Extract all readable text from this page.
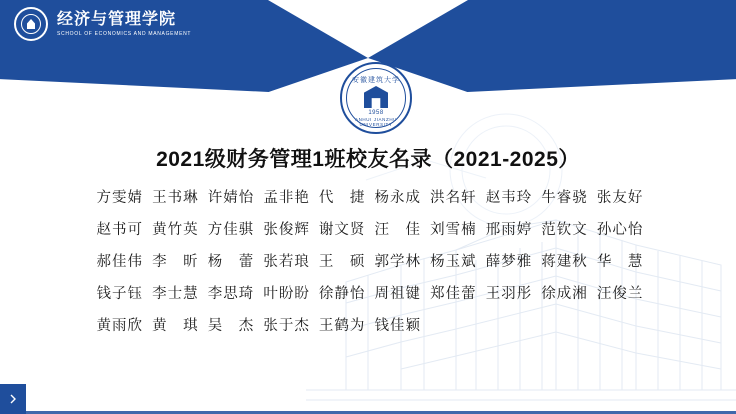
经济与管理学院
SCHOOL OF ECONOMICS AND MANAGEMENT
安徽建筑大学
1958
ANHUI JIANZHU UNIVERSITY
2021级财务管理1班校友名录（2021-2025）
方雯婧 王书琳 许婧怡 孟非艳 代　捷 杨永成 洪名轩 赵韦玲 牛睿骁 张友好
赵书可 黄竹英 方佳骐 张俊辉 谢文贤 汪　佳 刘雪楠 邢雨婷 范钦文 孙心怡
郝佳伟 李　昕 杨　蕾 张若琅 王　硕 郭学林 杨玉斌 薛梦雅 蒋建秋 华　慧
钱子钰 李士慧 李思琦 叶盼盼 徐静怡 周祖键 郑佳蕾 王羽彤 徐成湘 汪俊兰
黄雨欣 黄　琪 吴　杰 张于杰 王鹤为 钱佳颖
